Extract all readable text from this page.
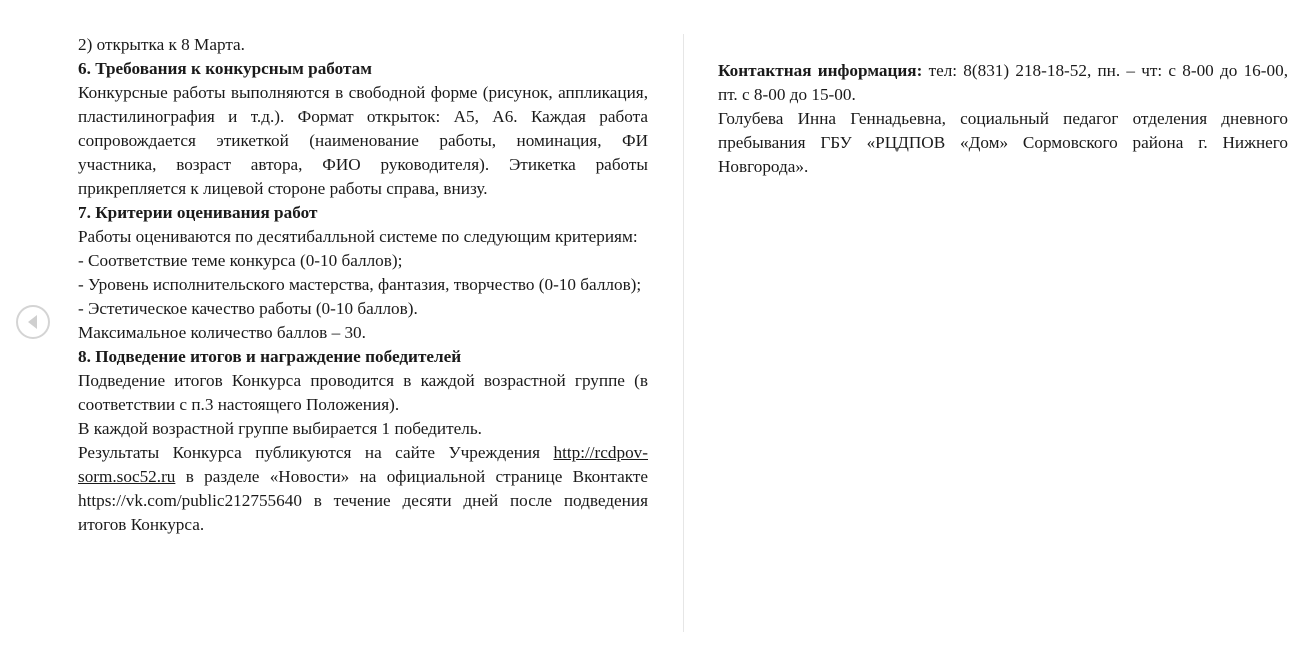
2) открытка к 8 Марта.

6. Требования к конкурсным работам

Конкурсные работы выполняются в свободной форме (рисунок, аппликация, пластилинография и т.д.). Формат открыток: А5, А6. Каждая работа сопровождается этикеткой (наименование работы, номинация, ФИ участника, возраст автора, ФИО руководителя). Этикетка работы прикрепляется к лицевой стороне работы справа, внизу.

7. Критерии оценивания работ

Работы оцениваются по десятибалльной системе по следующим критериям:

- Соответствие теме конкурса (0-10 баллов);

- Уровень исполнительского мастерства, фантазия, творчество (0-10 баллов);

- Эстетическое качество работы (0-10 баллов).

Максимальное количество баллов – 30.

8. Подведение итогов и награждение победителей

Подведение итогов Конкурса проводится в каждой возрастной группе (в соответствии с п.3 настоящего Положения).

В каждой возрастной группе выбирается 1 победитель.

Результаты Конкурса публикуются на сайте Учреждения http://rcdpov-sorm.soc52.ru в разделе «Новости» на официальной странице Вконтакте https://vk.com/public212755640 в течение десяти дней после подведения итогов Конкурса.

Контактная информация: тел: 8(831) 218-18-52, пн. – чт: с 8-00 до 16-00, пт. с 8-00 до 15-00.

Голубева Инна Геннадьевна, социальный педагог отделения дневного пребывания ГБУ «РЦДПОВ «Дом» Сормовского района г. Нижнего Новгорода».
